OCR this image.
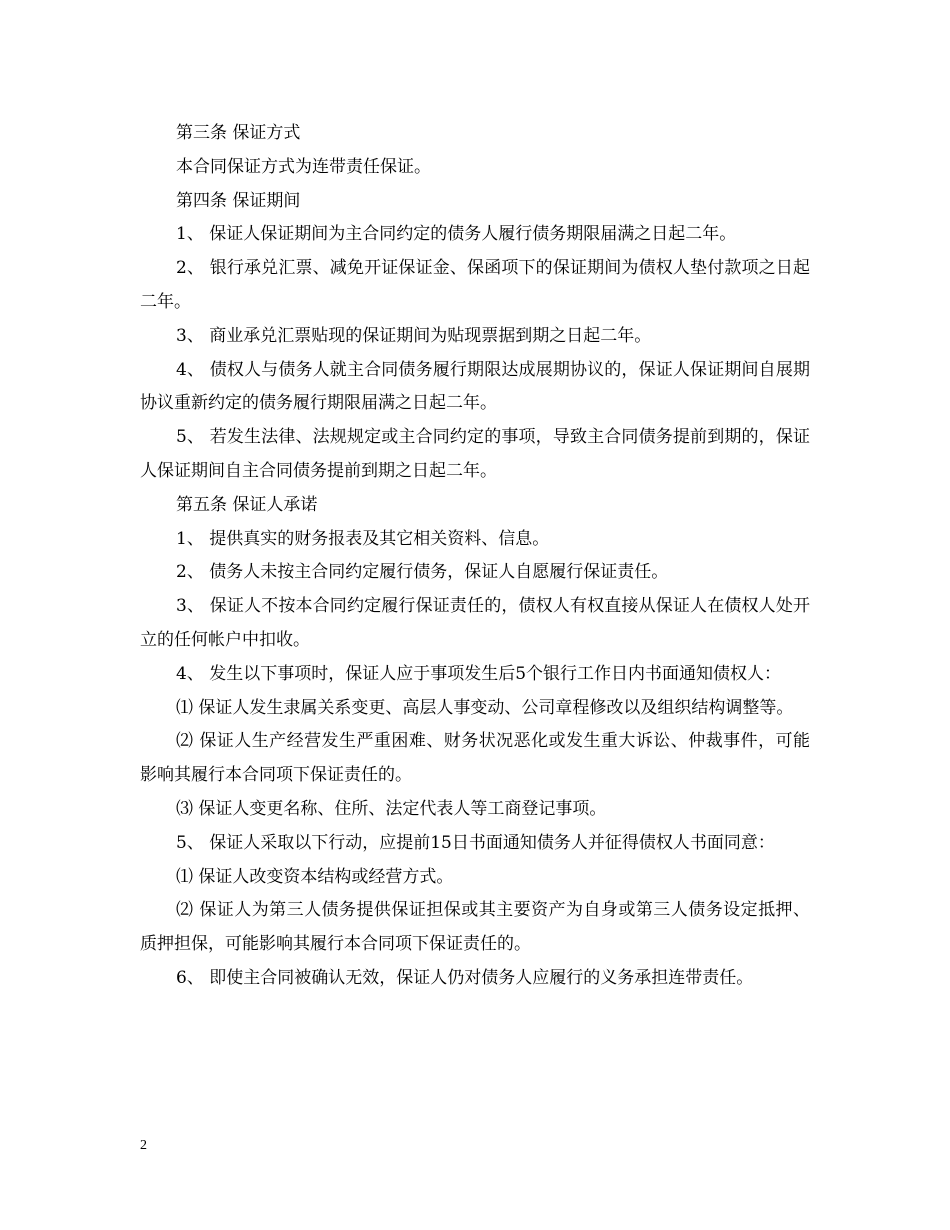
第三条 保证方式

本合同保证方式为连带责任保证。

第四条 保证期间

1、 保证人保证期间为主合同约定的债务人履行债务期限届满之日起二年。

2、 银行承兑汇票、减免开证保证金、保函项下的保证期间为债权人垫付款项之日起二年。

3、 商业承兑汇票贴现的保证期间为贴现票据到期之日起二年。

4、 债权人与债务人就主合同债务履行期限达成展期协议的，保证人保证期间自展期协议重新约定的债务履行期限届满之日起二年。

5、 若发生法律、法规规定或主合同约定的事项，导致主合同债务提前到期的，保证人保证期间自主合同债务提前到期之日起二年。

第五条 保证人承诺

1、 提供真实的财务报表及其它相关资料、信息。

2、 债务人未按主合同约定履行债务，保证人自愿履行保证责任。

3、 保证人不按本合同约定履行保证责任的，债权人有权直接从保证人在债权人处开立的任何帐户中扣收。

4、 发生以下事项时，保证人应于事项发生后5个银行工作日内书面通知债权人：

⑴ 保证人发生隶属关系变更、高层人事变动、公司章程修改以及组织结构调整等。

⑵ 保证人生产经营发生严重困难、财务状况恶化或发生重大诉讼、仲裁事件，可能影响其履行本合同项下保证责任的。

⑶ 保证人变更名称、住所、法定代表人等工商登记事项。

5、 保证人采取以下行动，应提前15日书面通知债务人并征得债权人书面同意：

⑴ 保证人改变资本结构或经营方式。

⑵ 保证人为第三人债务提供保证担保或其主要资产为自身或第三人债务设定抵押、质押担保，可能影响其履行本合同项下保证责任的。

6、 即使主合同被确认无效，保证人仍对债务人应履行的义务承担连带责任。

2
